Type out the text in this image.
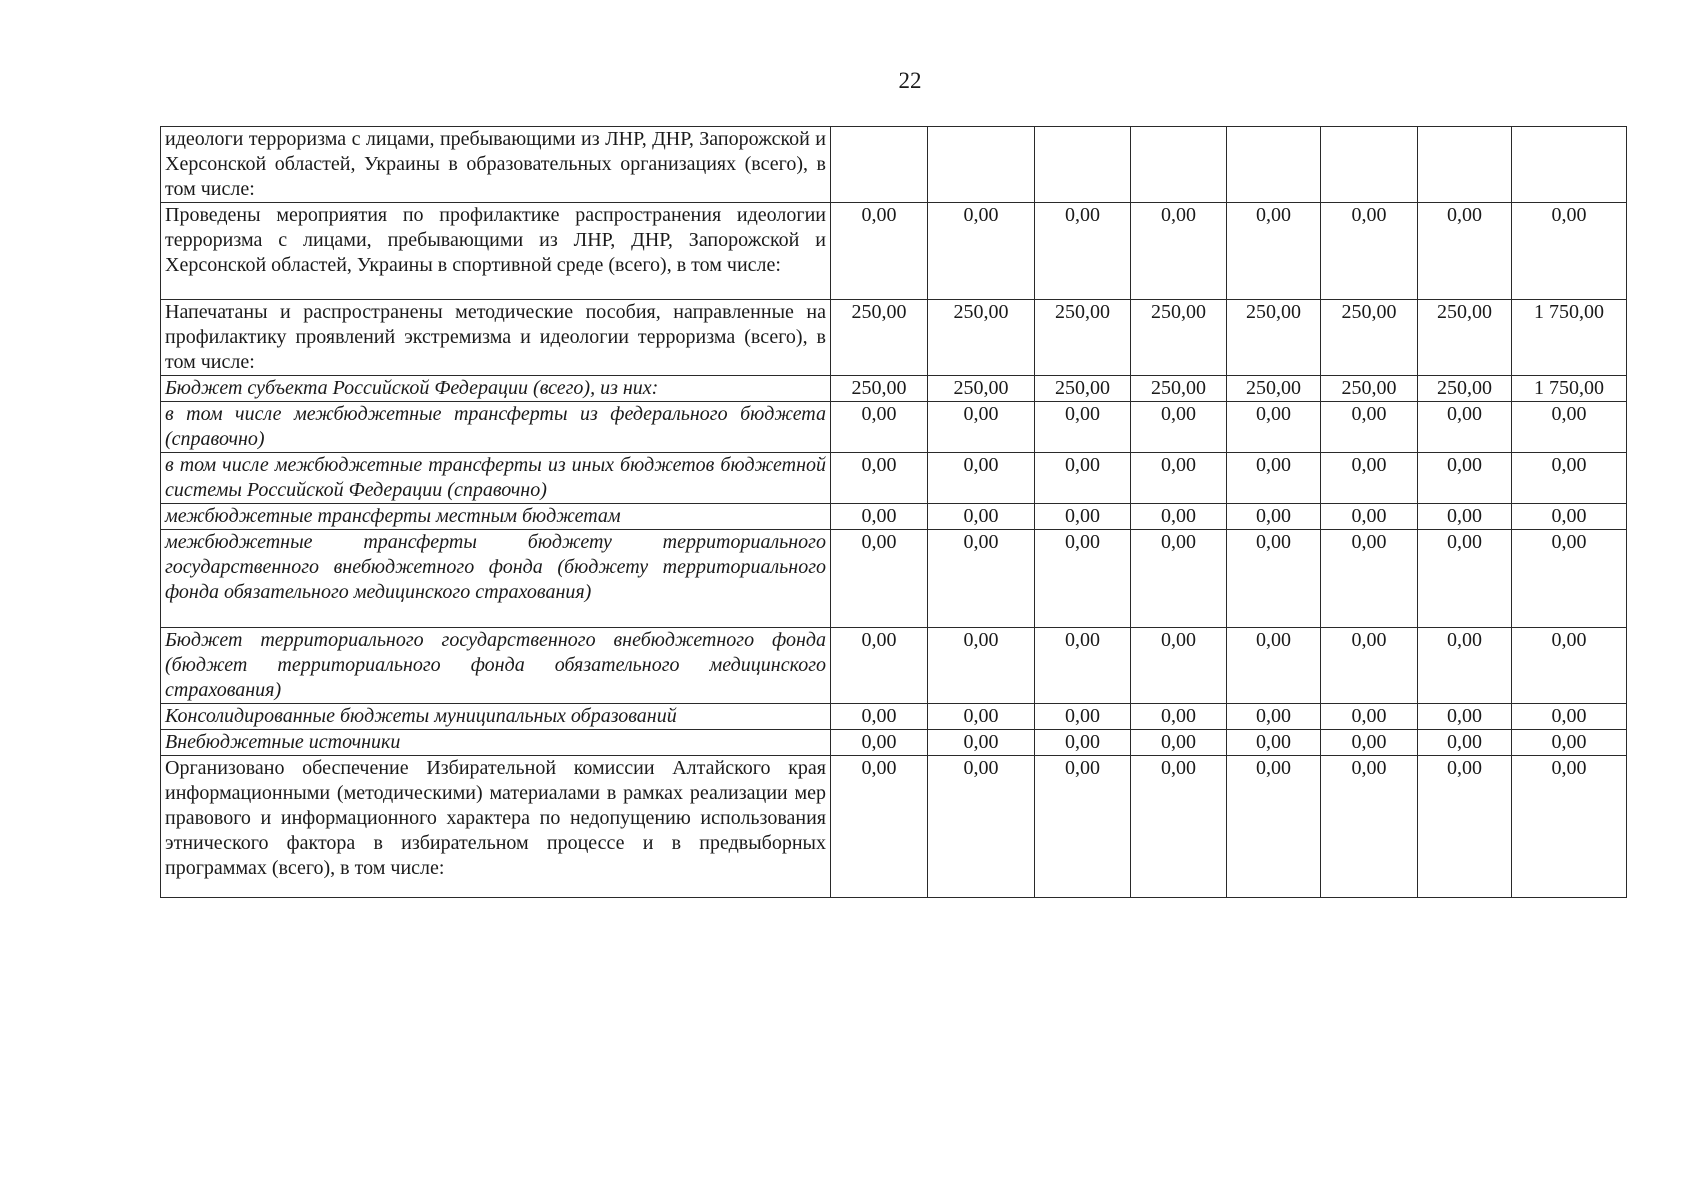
22
идеологи терроризма с лицами, пребывающими из ЛНР, ДНР, Запорожской и Херсонской областей, Украины в образовательных организациях (всего), в том числе:								
Проведены мероприятия по профилактике распространения идеологии терроризма с лицами, пребывающими из ЛНР, ДНР, Запорожской и Херсонской областей, Украины в спортивной среде (всего), в том числе:	0,00	0,00	0,00	0,00	0,00	0,00	0,00	0,00
Напечатаны и распространены методические пособия, направленные на профилактику проявлений экстремизма и идеологии терроризма (всего), в том числе:	250,00	250,00	250,00	250,00	250,00	250,00	250,00	1 750,00
Бюджет субъекта Российской Федерации (всего), из них:	250,00	250,00	250,00	250,00	250,00	250,00	250,00	1 750,00
в том числе межбюджетные трансферты из федерального бюджета (справочно)	0,00	0,00	0,00	0,00	0,00	0,00	0,00	0,00
в том числе межбюджетные трансферты из иных бюджетов бюджетной системы Российской Федерации (справочно)	0,00	0,00	0,00	0,00	0,00	0,00	0,00	0,00
межбюджетные трансферты местным бюджетам	0,00	0,00	0,00	0,00	0,00	0,00	0,00	0,00
межбюджетные трансферты бюджету территориального государственного внебюджетного фонда (бюджету территориального фонда обязательного медицинского страхования)	0,00	0,00	0,00	0,00	0,00	0,00	0,00	0,00
Бюджет территориального государственного внебюджетного фонда (бюджет территориального фонда обязательного медицинского страхования)	0,00	0,00	0,00	0,00	0,00	0,00	0,00	0,00
Консолидированные бюджеты муниципальных образований	0,00	0,00	0,00	0,00	0,00	0,00	0,00	0,00
Внебюджетные источники	0,00	0,00	0,00	0,00	0,00	0,00	0,00	0,00
Организовано обеспечение Избирательной комиссии Алтайского края информационными (методическими) материалами в рамках реализации мер правового и информационного характера по недопущению использования этнического фактора в избирательном процессе и в предвыборных программах (всего), в том числе:	0,00	0,00	0,00	0,00	0,00	0,00	0,00	0,00
